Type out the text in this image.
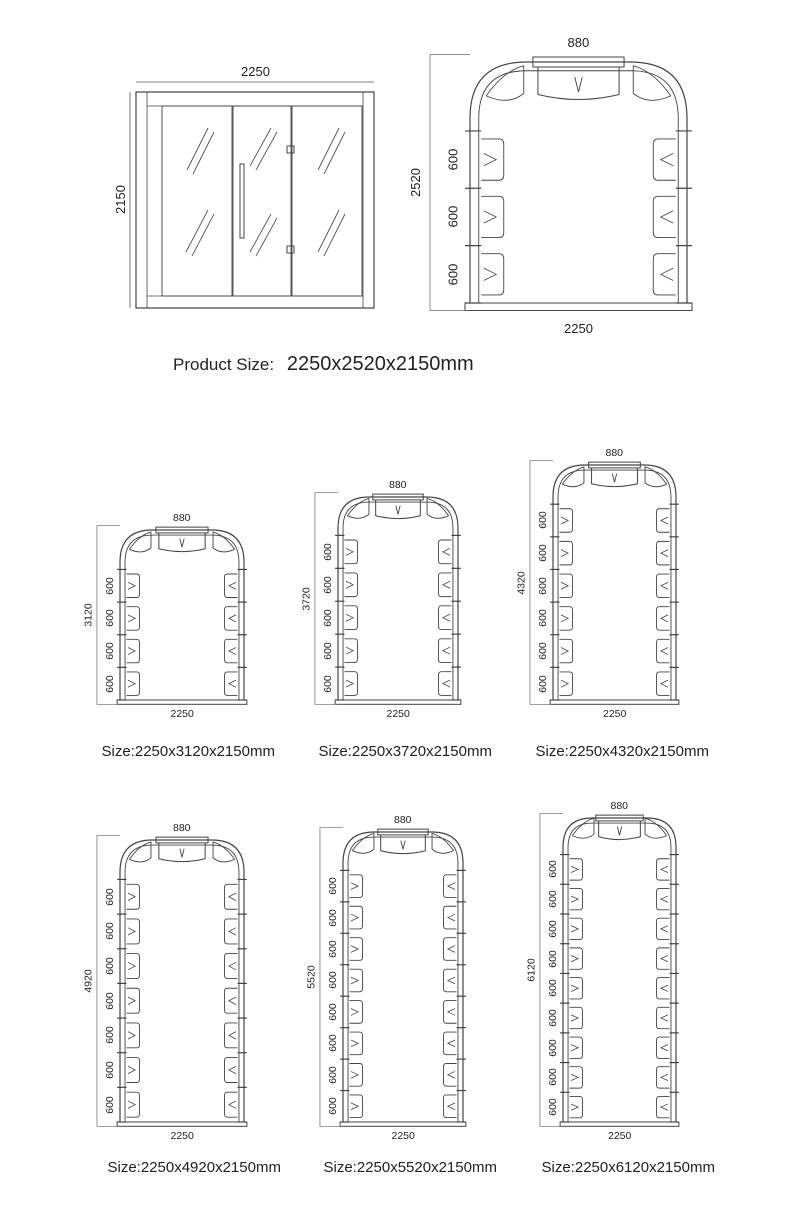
2250
2150
600
600
600
880
2520
2250
Product Size: 2250x2520x2150mm
600
600
600
600
880
3120
2250
Size:2250x3120x2150mm
600
600
600
600
600
880
3720
2250
Size:2250x3720x2150mm
600
600
600
600
600
600
880
4320
2250
Size:2250x4320x2150mm
600
600
600
600
600
600
600
880
4920
2250
Size:2250x4920x2150mm
600
600
600
600
600
600
600
600
880
5520
2250
Size:2250x5520x2150mm
600
600
600
600
600
600
600
600
600
880
6120
2250
Size:2250x6120x2150mm
